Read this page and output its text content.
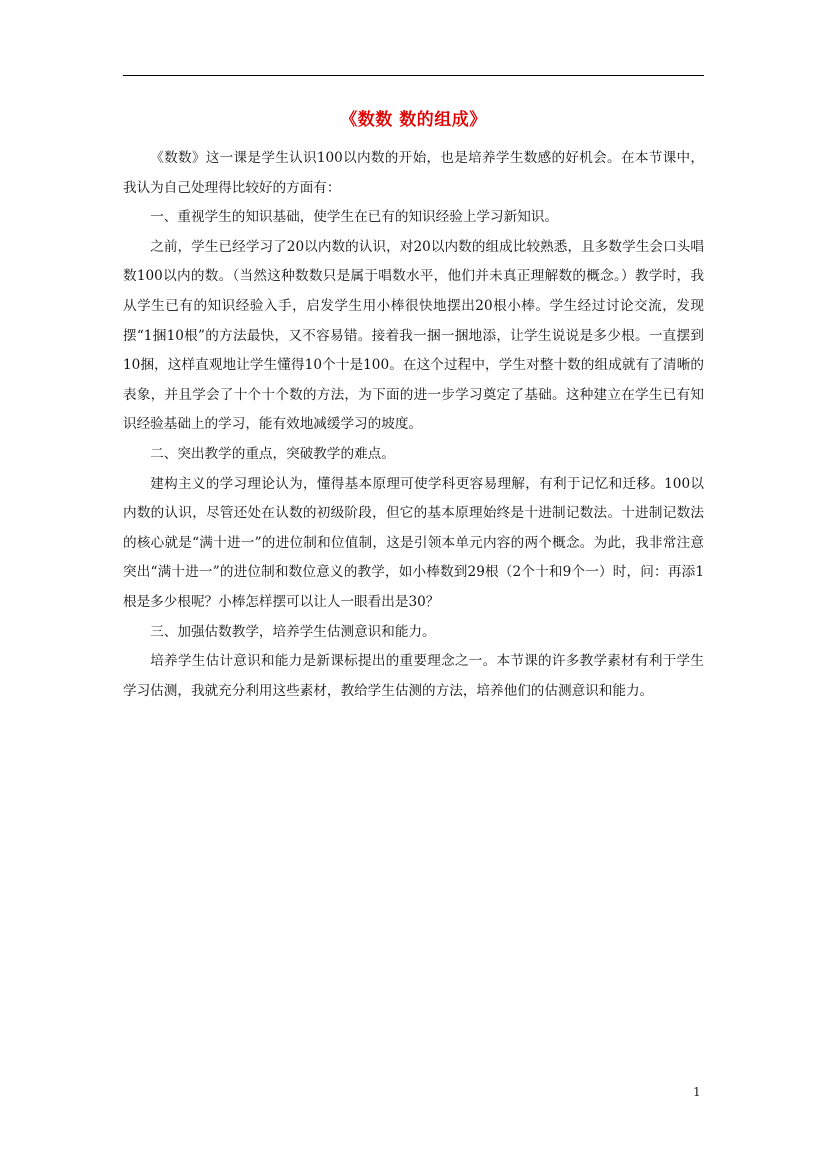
《数数 数的组成》

《数数》这一课是学生认识100以内数的开始，也是培养学生数感的好机会。在本节课中，我认为自己处理得比较好的方面有：

一、重视学生的知识基础，使学生在已有的知识经验上学习新知识。

之前，学生已经学习了20以内数的认识，对20以内数的组成比较熟悉，且多数学生会口头唱数100以内的数。（当然这种数数只是属于唱数水平，他们并未真正理解数的概念。）教学时，我从学生已有的知识经验入手，启发学生用小棒很快地摆出20根小棒。学生经过讨论交流，发现摆“1捆10根”的方法最快，又不容易错。接着我一捆一捆地添，让学生说说是多少根。一直摆到10捆，这样直观地让学生懂得10个十是100。在这个过程中，学生对整十数的组成就有了清晰的表象，并且学会了十个十个数的方法，为下面的进一步学习奠定了基础。这种建立在学生已有知识经验基础上的学习，能有效地减缓学习的坡度。

二、突出教学的重点，突破教学的难点。

建构主义的学习理论认为，懂得基本原理可使学科更容易理解，有利于记忆和迁移。100以内数的认识，尽管还处在认数的初级阶段，但它的基本原理始终是十进制记数法。十进制记数法的核心就是“满十进一”的进位制和位值制，这是引领本单元内容的两个概念。为此，我非常注意突出“满十进一”的进位制和数位意义的教学，如小棒数到29根（2个十和9个一）时，问：再添1根是多少根呢？小棒怎样摆可以让人一眼看出是30？

三、加强估数教学，培养学生估测意识和能力。

培养学生估计意识和能力是新课标提出的重要理念之一。本节课的许多教学素材有利于学生学习估测，我就充分利用这些素材，教给学生估测的方法，培养他们的估测意识和能力。

1
